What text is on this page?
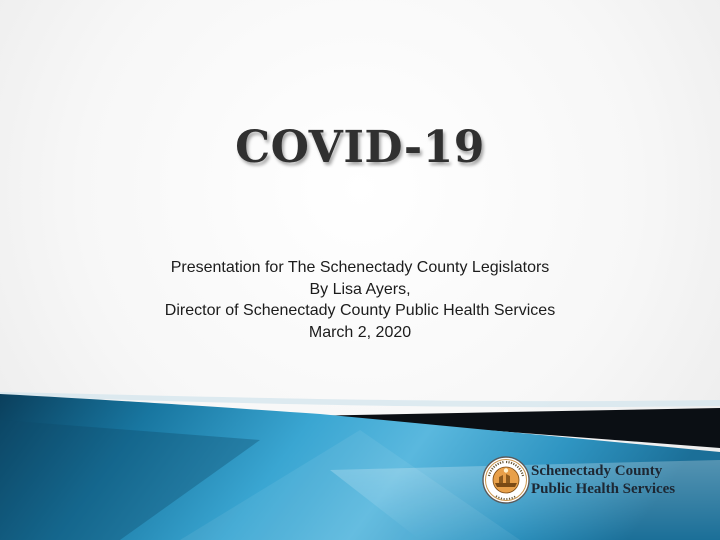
COVID-19
Presentation for The Schenectady County Legislators
By Lisa Ayers,
Director of Schenectady County Public Health Services
March 2, 2020
Schenectady County
Public Health Services
